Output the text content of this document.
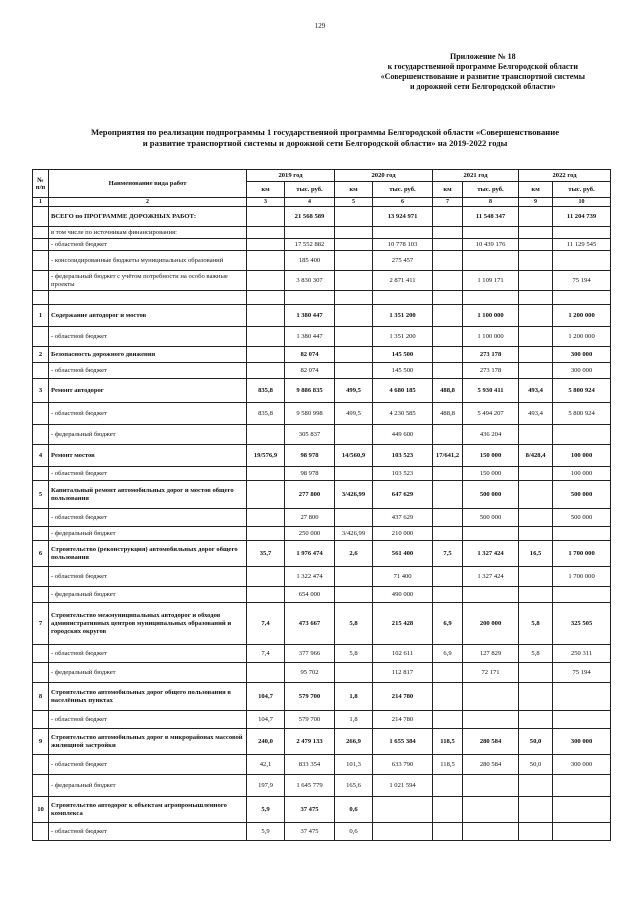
129
Приложение № 18
к государственной программе Белгородской области
«Совершенствование и развитие транспортной системы
и дорожной сети Белгородской области»
Мероприятия по реализации подпрограммы 1 государственной программы Белгородской области «Совершенствование
и развитие транспортной системы и дорожной сети Белгородской области» на 2019-2022 годы
№ п/п	Наименование вида работ	2019 год		2020 год		2021 год		2022 год	
		км	тыс. руб.	км	тыс. руб.	км	тыс. руб.	км	тыс. руб.
1	2	3	4	5	6	7	8	9	10
	ВСЕГО по ПРОГРАММЕ ДОРОЖНЫХ РАБОТ:		21 568 589		13 924 971		11 548 347		11 204 739
	в том числе по источникам финансирования:								
	- областной бюджет		17 552 882		10 778 103		10 439 176		11 129 545
	- консолидированные бюджеты муниципальных образований		185 400		275 457				
	- федеральный бюджет с учётом потребности на особо важные проекты		3 830 307		2 871 411		1 109 171		75 194

1	Содержание автодорог и мостов		1 380 447		1 351 200		1 100 000		1 200 000
	- областной бюджет		1 380 447		1 351 200		1 100 000		1 200 000
2	Безопасность дорожного движения		82 074		145 500		273 178		300 000
	- областной бюджет		82 074		145 500		273 178		300 000
3	Ремонт автодорог	835,8	9 886 835	499,5	4 680 185	488,8	5 930 411	493,4	5 800 924
	- областной бюджет	835,8	9 580 998	499,5	4 230 585	488,8	5 494 207	493,4	5 800 924
	- федеральный бюджет		305 837		449 600		436 204		
4	Ремонт мостов	19/576,9	98 978	14/560,9	103 523	17/641,2	150 000	8/428,4	100 000
	- областной бюджет		98 978		103 523		150 000		100 000
5	Капитальный ремонт автомобильных дорог и мостов общего пользования		277 800	3/426,99	647 629		500 000		500 000
	- областной бюджет		27 800		437 629		500 000		500 000
	- федеральный бюджет		250 000	3/426,99	210 000				
6	Строительство (реконструкция) автомобильных дорог общего пользования	35,7	1 976 474	2,6	561 400	7,5	1 327 424	16,5	1 700 000
	- областной бюджет		1 322 474		71 400		1 327 424		1 700 000
	- федеральный бюджет		654 000		490 000				
7	Строительство межмуниципальных автодорог и обходов административных центров муниципальных образований и городских округов	7,4	473 667	5,8	215 428	6,9	200 000	5,8	325 505
	- областной бюджет	7,4	377 966	5,8	102 611	6,9	127 829	5,8	250 311
	- федеральный бюджет		95 702		112 817		72 171		75 194
8	Строительство автомобильных дорог общего пользования в населённых пунктах	104,7	579 700	1,8	214 780				
	- областной бюджет	104,7	579 700	1,8	214 780				
9	Строительство автомобильных дорог в микрорайонах массовой жилищной застройки	240,0	2 479 133	266,9	1 655 384	118,5	280 584	50,0	300 000
	- областной бюджет	42,1	833 354	101,3	633 790	118,5	280 584	50,0	300 000
	- федеральный бюджет	197,9	1 645 779	165,6	1 021 594				
10	Строительство автодорог к объектам агропромышленного комплекса	5,9	37 475	0,6					
	- областной бюджет	5,9	37 475	0,6					
